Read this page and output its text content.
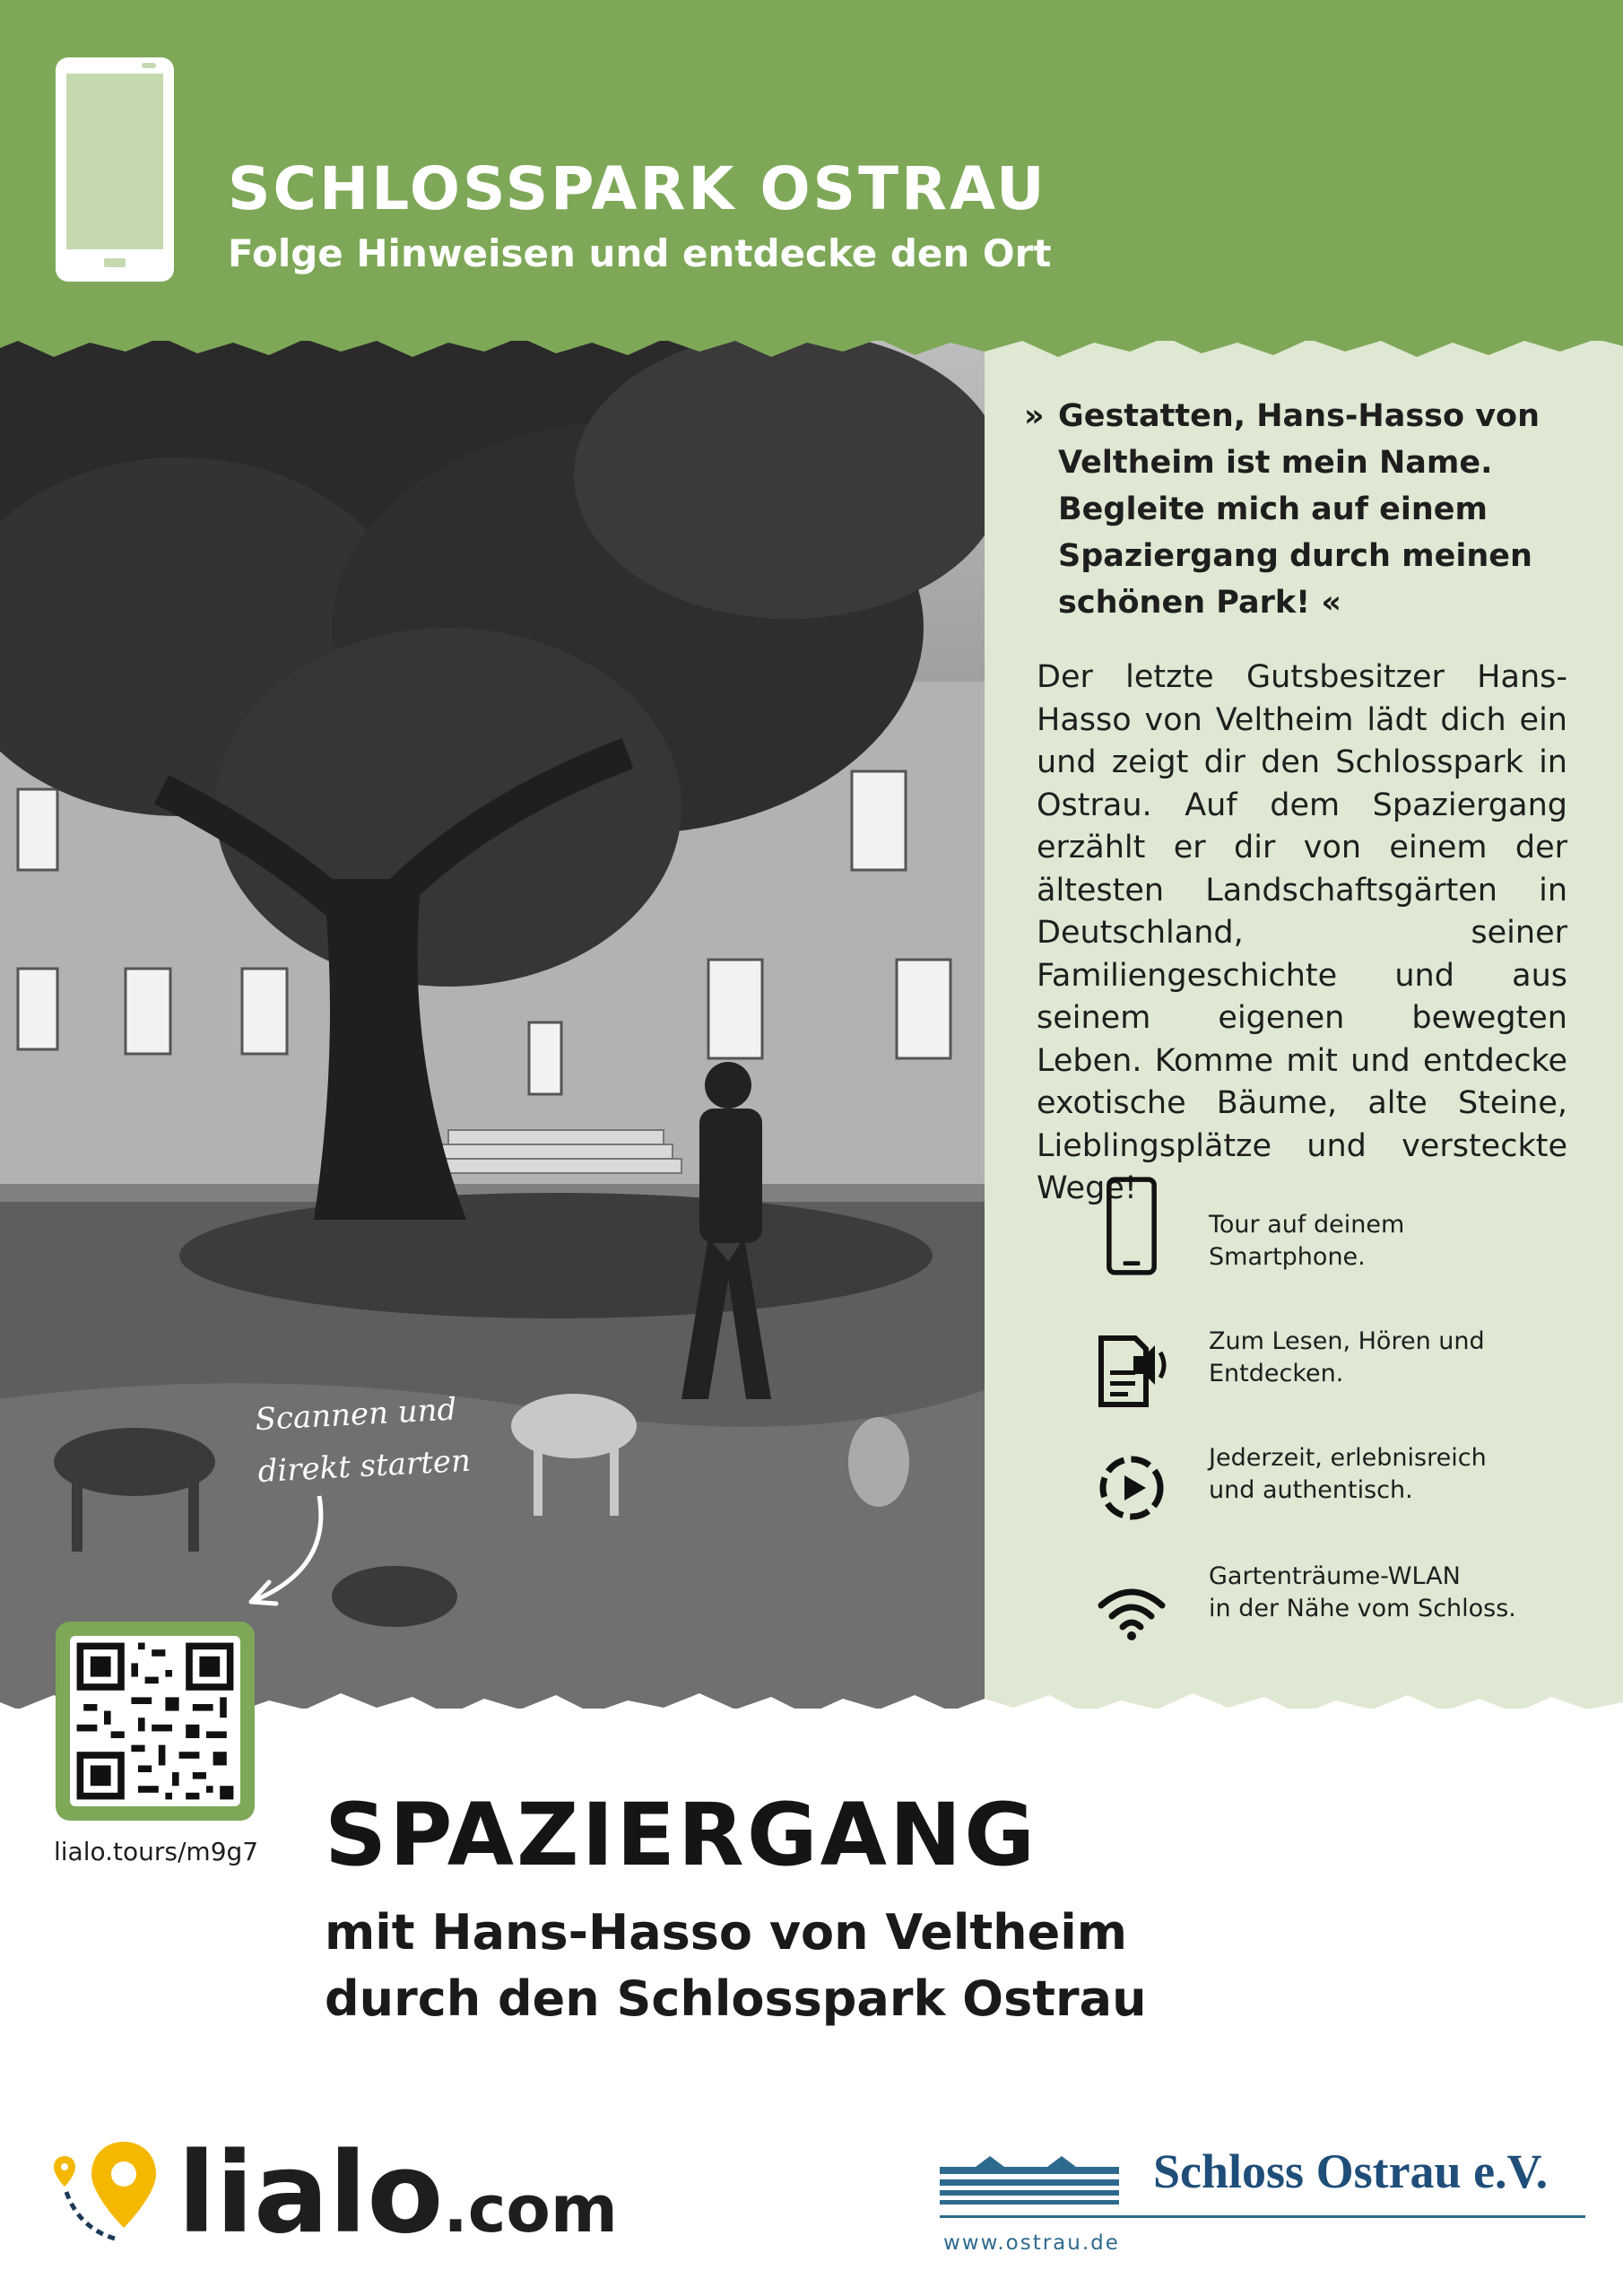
SCHLOSSPARK OSTRAU
Folge Hinweisen und entdecke den Ort
» Gestatten, Hans-Hasso von Veltheim ist mein Name. Begleite mich auf einem Spaziergang durch meinen schönen Park! «
Der letzte Gutsbesitzer Hans-Hasso von Veltheim lädt dich ein und zeigt dir den Schlosspark in Ostrau. Auf dem Spaziergang erzählt er dir von einem der ältesten Landschaftsgärten in Deutschland, seiner Familiengeschichte und aus seinem eigenen bewegten Leben. Komme mit und entdecke exotische Bäume, alte Steine, Lieblingsplätze und versteckte Wege!
Tour auf deinem
Smartphone.
Zum Lesen, Hören und
Entdecken.
Jederzeit, erlebnisreich
und authentisch.
Gartenträume-WLAN
in der Nähe vom Schloss.
Scannen und
direkt starten
lialo.tours/m9g7 SPAZIERGANG
mit Hans-Hasso von Veltheim
durch den Schlosspark Ostrau
lialo.com	Schloss Ostrau e.V.
www.ostrau.de
